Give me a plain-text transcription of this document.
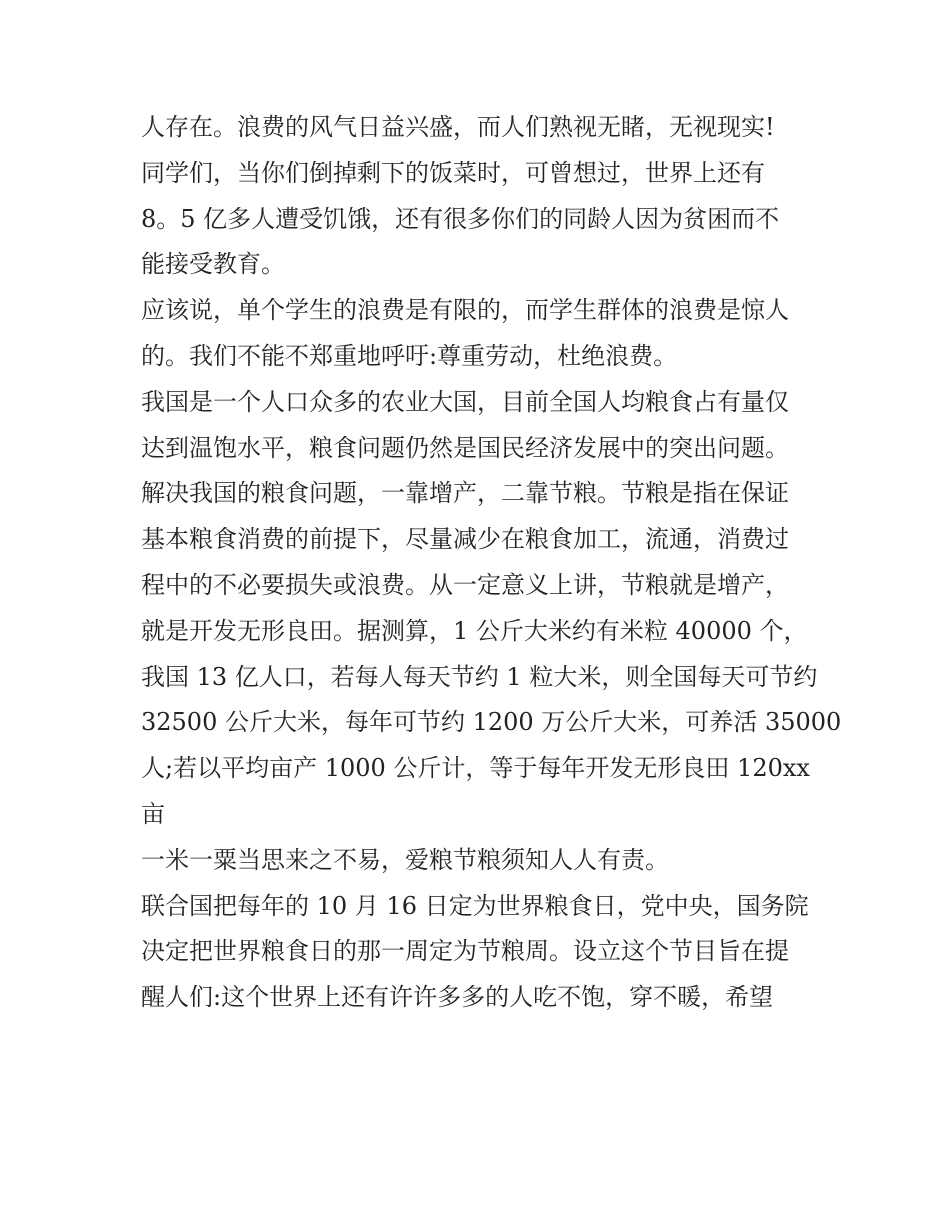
人存在。浪费的风气日益兴盛，而人们熟视无睹，无视现实!
同学们，当你们倒掉剩下的饭菜时，可曾想过，世界上还有
8。5 亿多人遭受饥饿，还有很多你们的同龄人因为贫困而不
能接受教育。
应该说，单个学生的浪费是有限的，而学生群体的浪费是惊人
的。我们不能不郑重地呼吁:尊重劳动，杜绝浪费。
我国是一个人口众多的农业大国，目前全国人均粮食占有量仅
达到温饱水平，粮食问题仍然是国民经济发展中的突出问题。
解决我国的粮食问题，一靠增产，二靠节粮。节粮是指在保证
基本粮食消费的前提下，尽量减少在粮食加工，流通，消费过
程中的不必要损失或浪费。从一定意义上讲，节粮就是增产，
就是开发无形良田。据测算，1 公斤大米约有米粒 40000 个，
我国 13 亿人口，若每人每天节约 1 粒大米，则全国每天可节约
32500 公斤大米，每年可节约 1200 万公斤大米，可养活 35000
人;若以平均亩产 1000 公斤计，等于每年开发无形良田 120xx
亩
一米一粟当思来之不易，爱粮节粮须知人人有责。
联合国把每年的 10 月 16 日定为世界粮食日，党中央，国务院
决定把世界粮食日的那一周定为节粮周。设立这个节目旨在提
醒人们:这个世界上还有许许多多的人吃不饱，穿不暖，希望
